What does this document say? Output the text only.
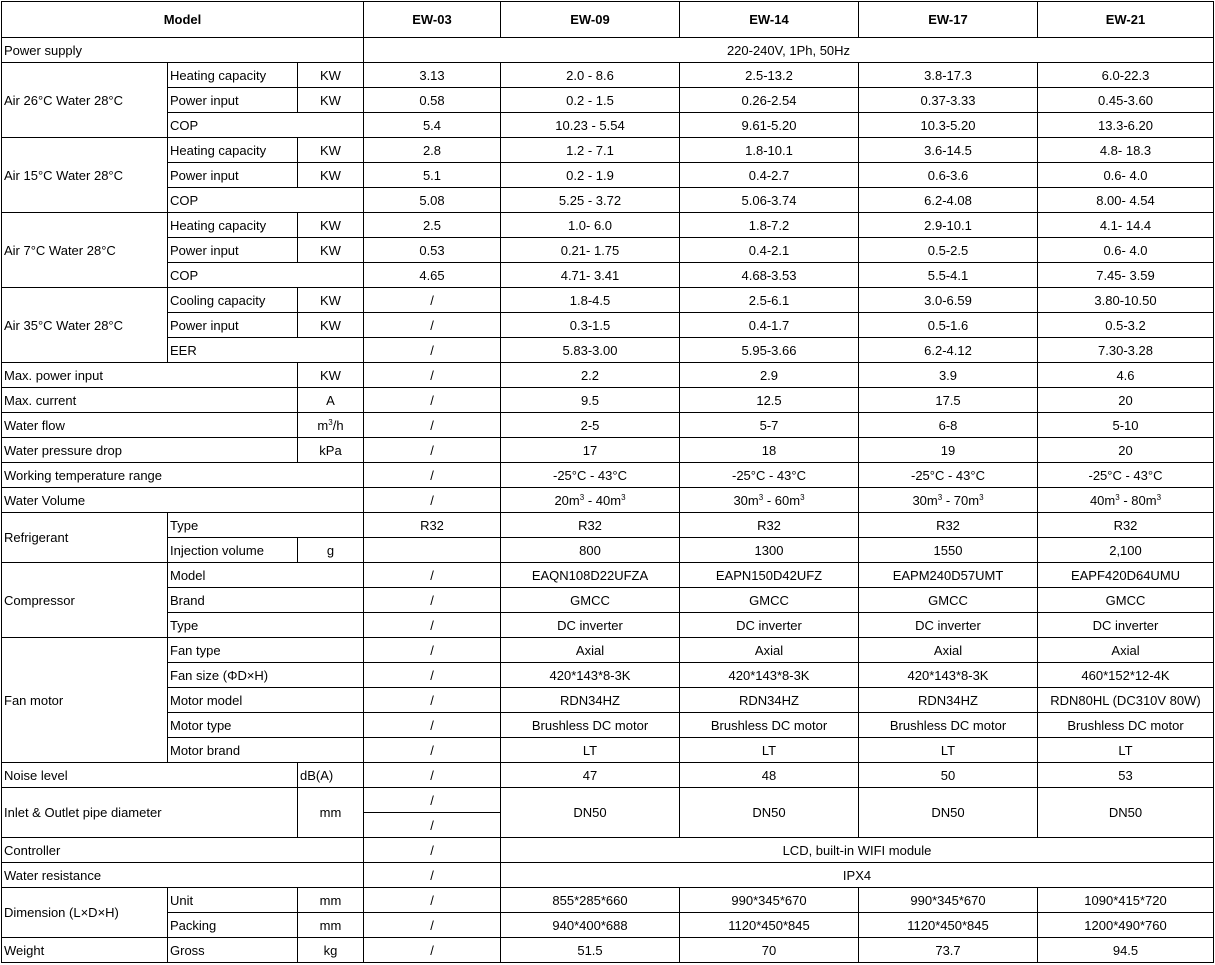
Model			EW-03	EW-09	EW-14	EW-17	EW-21
Power supply			220-240V, 1Ph, 50Hz				
Air 26°C Water 28°C	Heating capacity	KW	3.13	2.0 - 8.6	2.5-13.2	3.8-17.3	6.0-22.3
	Power input	KW	0.58	0.2 - 1.5	0.26-2.54	0.37-3.33	0.45-3.60
	COP		5.4	10.23 - 5.54	9.61-5.20	10.3-5.20	13.3-6.20
Air 15°C Water 28°C	Heating capacity	KW	2.8	1.2 - 7.1	1.8-10.1	3.6-14.5	4.8- 18.3
	Power input	KW	5.1	0.2 - 1.9	0.4-2.7	0.6-3.6	0.6- 4.0
	COP		5.08	5.25 - 3.72	5.06-3.74	6.2-4.08	8.00- 4.54
Air 7°C Water 28°C	Heating capacity	KW	2.5	1.0- 6.0	1.8-7.2	2.9-10.1	4.1- 14.4
	Power input	KW	0.53	0.21- 1.75	0.4-2.1	0.5-2.5	0.6- 4.0
	COP		4.65	4.71- 3.41	4.68-3.53	5.5-4.1	7.45- 3.59
Air 35°C Water 28°C	Cooling capacity	KW	/	1.8-4.5	2.5-6.1	3.0-6.59	3.80-10.50
	Power input	KW	/	0.3-1.5	0.4-1.7	0.5-1.6	0.5-3.2
	EER		/	5.83-3.00	5.95-3.66	6.2-4.12	7.30-3.28
Max. power input		KW	/	2.2	2.9	3.9	4.6
Max. current		A	/	9.5	12.5	17.5	20
Water flow		$m^3/h$	/	2-5	5-7	6-8	5-10
Water pressure drop		kPa	/	17	18	19	20
Working temperature range			/	-25°C - 43°C	-25°C - 43°C	-25°C - 43°C	-25°C - 43°C
Water Volume			/	$20m^3 - 40m^3$	$30m^3 - 60m^3$	$30m^3 - 70m^3$	$40m^3 - 80m^3$
Refrigerant	Type		R32	R32	R32	R32	R32
	Injection volume	g		800	1300	1550	2,100
Compressor	Model		/	EAQN108D22UFZA	EAPN150D42UFZ	EAPM240D57UMT	EAPF420D64UMU
	Brand		/	GMCC	GMCC	GMCC	GMCC
	Type		/	DC inverter	DC inverter	DC inverter	DC inverter
Fan motor	Fan type		/	Axial	Axial	Axial	Axial
	Fan size (ΦD×H)		/	420*143*8-3K	420*143*8-3K	420*143*8-3K	460*152*12-4K
	Motor model		/	RDN34HZ	RDN34HZ	RDN34HZ	RDN80HL (DC310V 80W)
	Motor type		/	Brushless DC motor	Brushless DC motor	Brushless DC motor	Brushless DC motor
	Motor brand		/	LT	LT	LT	LT
Noise level		dB(A)	/	47	48	50	53
Inlet & Outlet pipe diameter		mm	/	DN50	DN50	DN50	DN50
			/				
Controller			/	LCD, built-in WIFI module			
Water resistance			/	IPX4			
Dimension (L×D×H)	Unit	mm	/	855*285*660	990*345*670	990*345*670	1090*415*720
	Packing	mm	/	940*400*688	1120*450*845	1120*450*845	1200*490*760
Weight	Gross	kg	/	51.5	70	73.7	94.5
